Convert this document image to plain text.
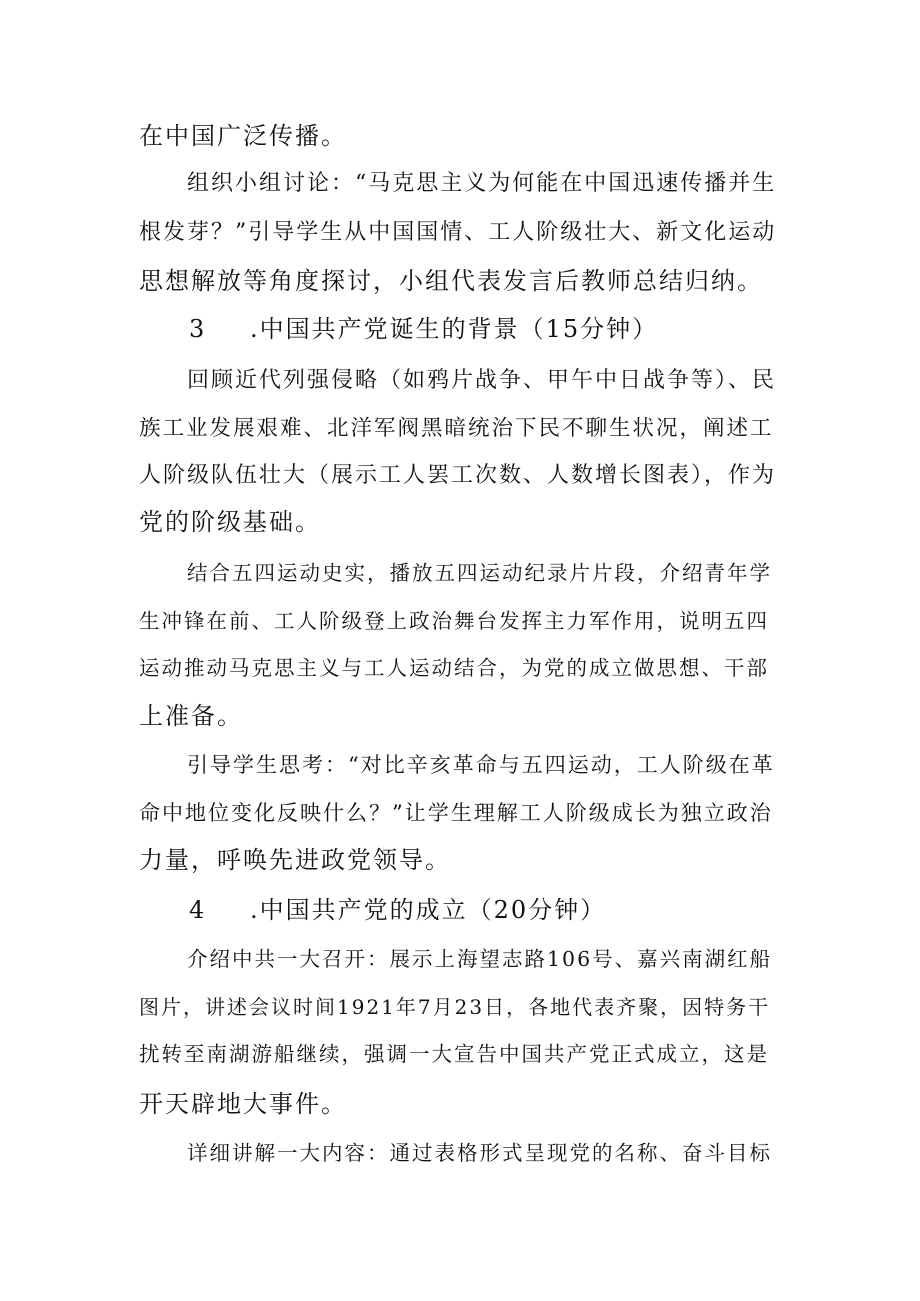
在中国广泛传播。
组织小组讨论：“马克思主义为何能在中国迅速传播并生
根发芽？”引导学生从中国国情、工人阶级壮大、新文化运动
思想解放等角度探讨，小组代表发言后教师总结归纳。
3 .中国共产党诞生的背景（15分钟）
回顾近代列强侵略（如鸦片战争、甲午中日战争等）、民
族工业发展艰难、北洋军阀黑暗统治下民不聊生状况，阐述工
人阶级队伍壮大（展示工人罢工次数、人数增长图表），作为
党的阶级基础。
结合五四运动史实，播放五四运动纪录片片段，介绍青年学
生冲锋在前、工人阶级登上政治舞台发挥主力军作用，说明五四
运动推动马克思主义与工人运动结合，为党的成立做思想、干部
上准备。
引导学生思考：“对比辛亥革命与五四运动，工人阶级在革
命中地位变化反映什么？”让学生理解工人阶级成长为独立政治
力量，呼唤先进政党领导。
4 .中国共产党的成立（20分钟）
介绍中共一大召开：展示上海望志路106号、嘉兴南湖红船
图片，讲述会议时间1921年7月23日，各地代表齐聚，因特务干
扰转至南湖游船继续，强调一大宣告中国共产党正式成立，这是
开天辟地大事件。
详细讲解一大内容：通过表格形式呈现党的名称、奋斗目标
